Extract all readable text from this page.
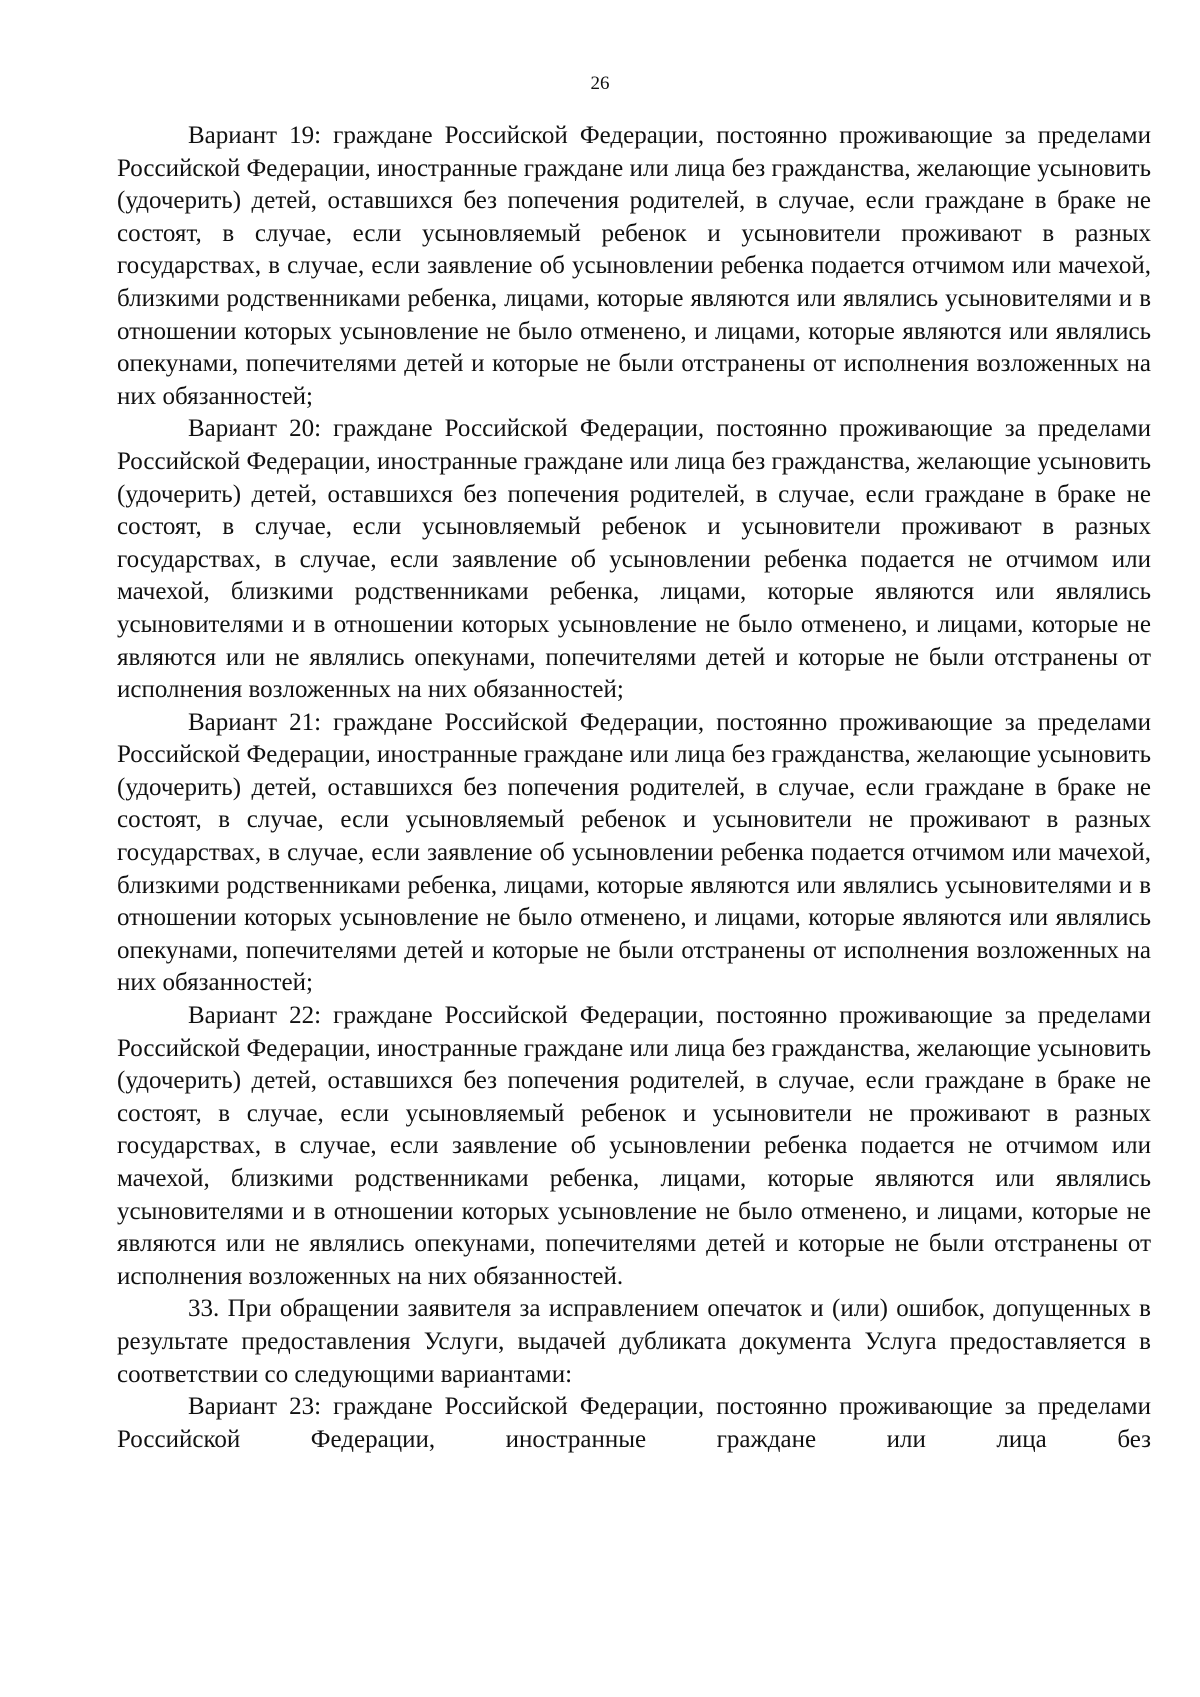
26

Вариант 19: граждане Российской Федерации, постоянно проживающие за пределами Российской Федерации, иностранные граждане или лица без гражданства, желающие усыновить (удочерить) детей, оставшихся без попечения родителей, в случае, если граждане в браке не состоят, в случае, если усыновляемый ребенок и усыновители проживают в разных государствах, в случае, если заявление об усыновлении ребенка подается отчимом или мачехой, близкими родственниками ребенка, лицами, которые являются или являлись усыновителями и в отношении которых усыновление не было отменено, и лицами, которые являются или являлись опекунами, попечителями детей и которые не были отстранены от исполнения возложенных на них обязанностей;

Вариант 20: граждане Российской Федерации, постоянно проживающие за пределами Российской Федерации, иностранные граждане или лица без гражданства, желающие усыновить (удочерить) детей, оставшихся без попечения родителей, в случае, если граждане в браке не состоят, в случае, если усыновляемый ребенок и усыновители проживают в разных государствах, в случае, если заявление об усыновлении ребенка подается не отчимом или мачехой, близкими родственниками ребенка, лицами, которые являются или являлись усыновителями и в отношении которых усыновление не было отменено, и лицами, которые не являются или не являлись опекунами, попечителями детей и которые не были отстранены от исполнения возложенных на них обязанностей;

Вариант 21: граждане Российской Федерации, постоянно проживающие за пределами Российской Федерации, иностранные граждане или лица без гражданства, желающие усыновить (удочерить) детей, оставшихся без попечения родителей, в случае, если граждане в браке не состоят, в случае, если усыновляемый ребенок и усыновители не проживают в разных государствах, в случае, если заявление об усыновлении ребенка подается отчимом или мачехой, близкими родственниками ребенка, лицами, которые являются или являлись усыновителями и в отношении которых усыновление не было отменено, и лицами, которые являются или являлись опекунами, попечителями детей и которые не были отстранены от исполнения возложенных на них обязанностей;

Вариант 22: граждане Российской Федерации, постоянно проживающие за пределами Российской Федерации, иностранные граждане или лица без гражданства, желающие усыновить (удочерить) детей, оставшихся без попечения родителей, в случае, если граждане в браке не состоят, в случае, если усыновляемый ребенок и усыновители не проживают в разных государствах, в случае, если заявление об усыновлении ребенка подается не отчимом или мачехой, близкими родственниками ребенка, лицами, которые являются или являлись усыновителями и в отношении которых усыновление не было отменено, и лицами, которые не являются или не являлись опекунами, попечителями детей и которые не были отстранены от исполнения возложенных на них обязанностей.

33. При обращении заявителя за исправлением опечаток и (или) ошибок, допущенных в результате предоставления Услуги, выдачей дубликата документа Услуга предоставляется в соответствии со следующими вариантами:

Вариант 23: граждане Российской Федерации, постоянно проживающие за пределами Российской Федерации, иностранные граждане или лица без
